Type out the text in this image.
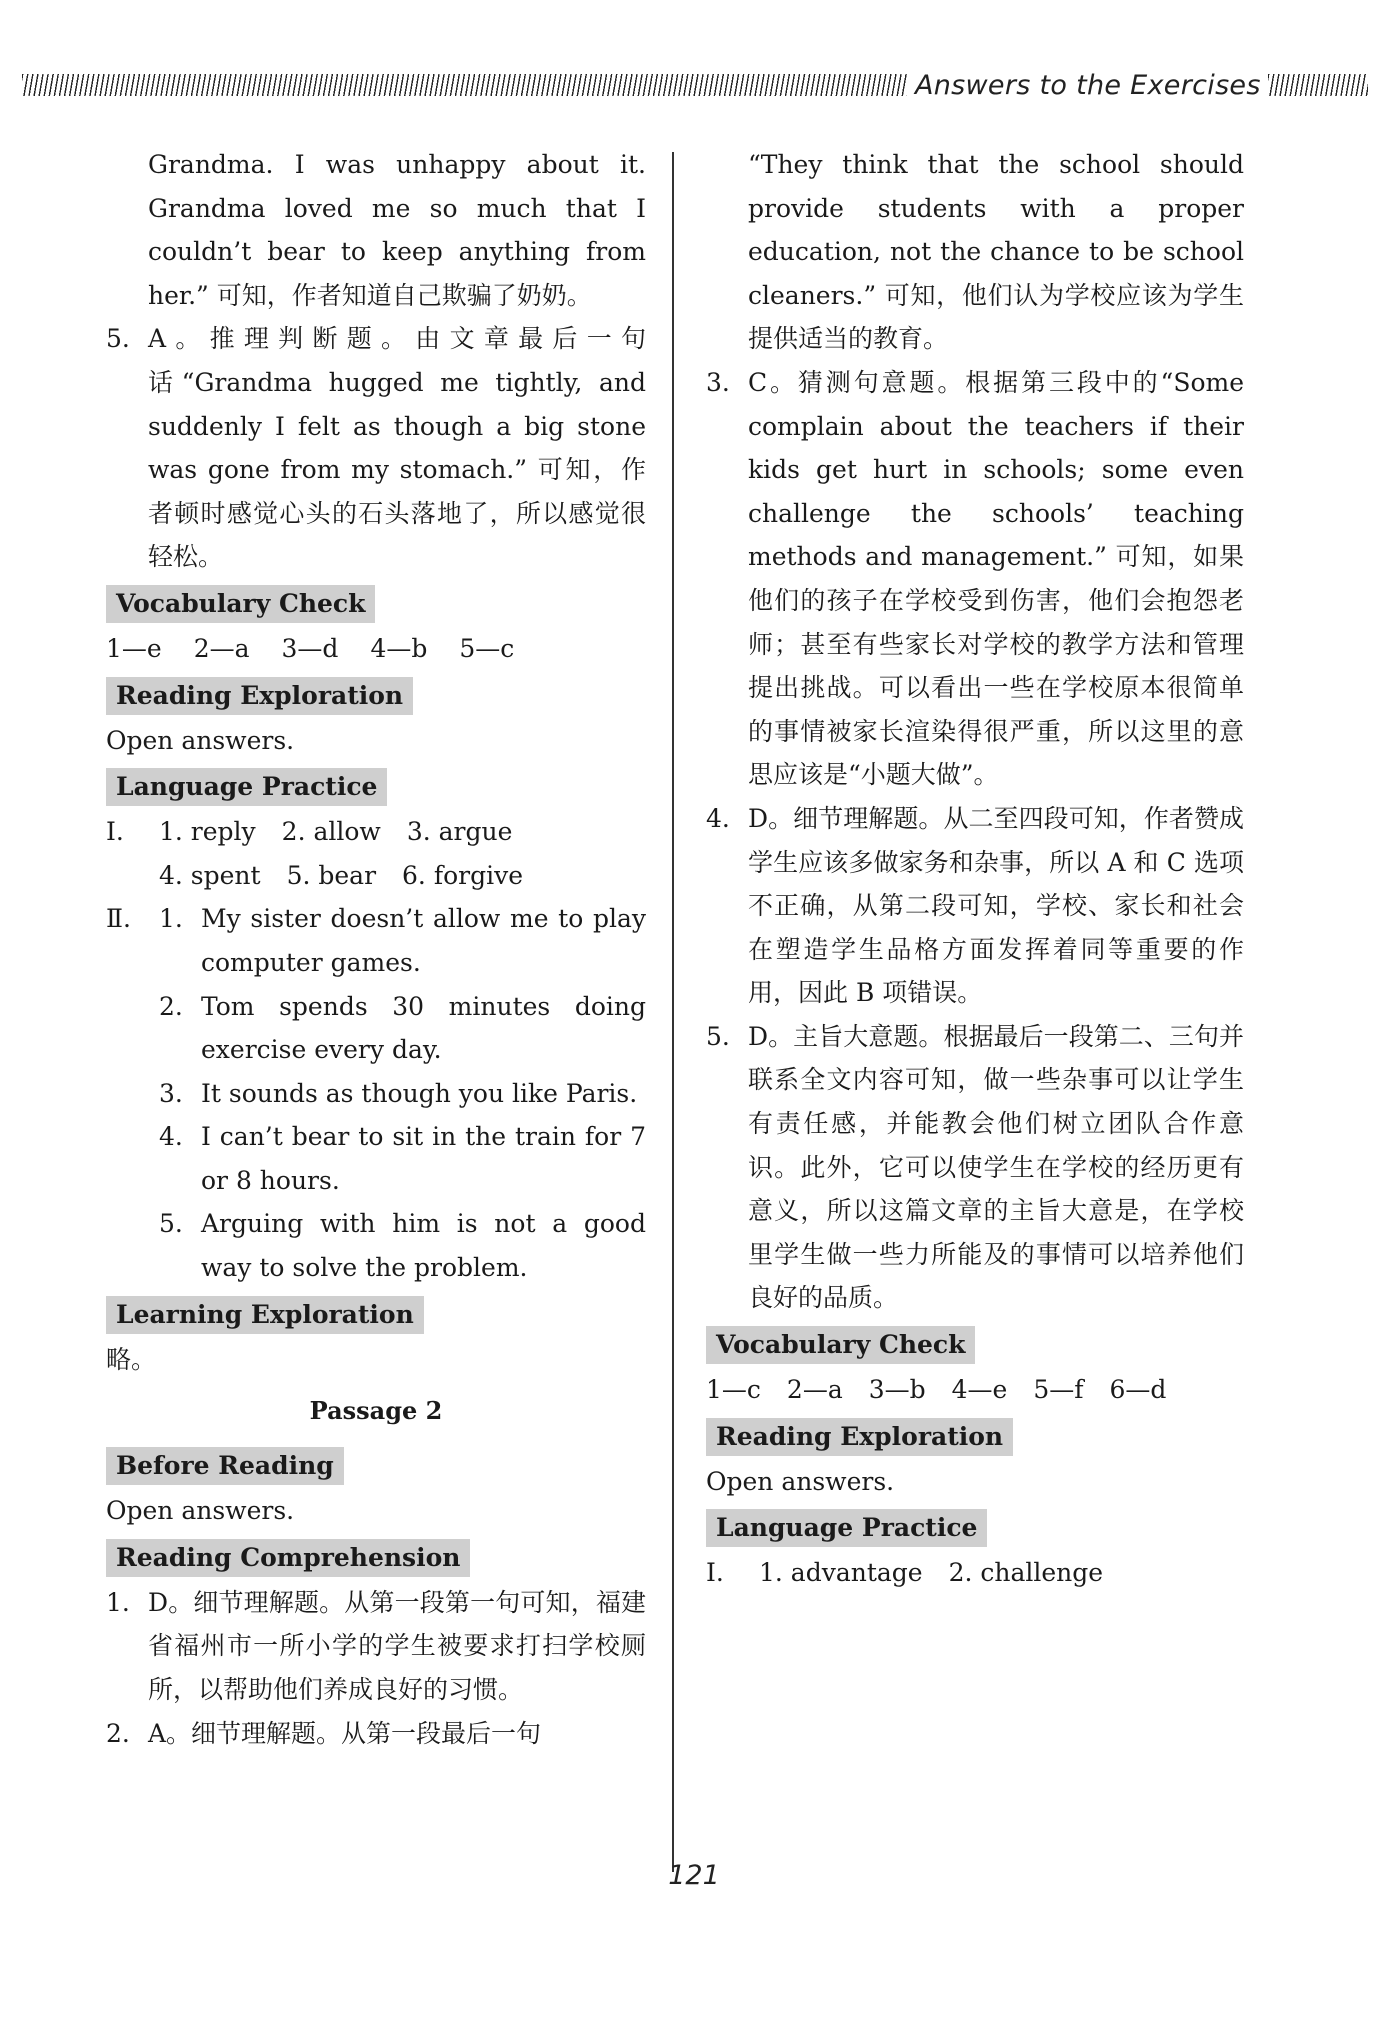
Answers to the Exercises
Grandma. I was unhappy about it. Grandma loved me so much that I couldn’t bear to keep anything from her.” 可知，作者知道自己欺骗了奶奶。
5. A。推理判断题。由文章最后一句话“Grandma hugged me tightly, and suddenly I felt as though a big stone was gone from my stomach.” 可知，作者顿时感觉心头的石头落地了，所以感觉很轻松。
Vocabulary Check
1—e 2—a 3—d 4—b 5—c
Reading Exploration
Open answers.
Language Practice
Ⅰ. 1. reply 2. allow 3. argue
4. spent 5. bear 6. forgive
Ⅱ. 1. My sister doesn’t allow me to play computer games.
2. Tom spends 30 minutes doing exercise every day.
3. It sounds as though you like Paris.
4. I can’t bear to sit in the train for 7 or 8 hours.
5. Arguing with him is not a good way to solve the problem.
Learning Exploration
略。
Passage 2
Before Reading
Open answers.
Reading Comprehension
1. D。细节理解题。从第一段第一句可知，福建省福州市一所小学的学生被要求打扫学校厕所，以帮助他们养成良好的习惯。
2. A。细节理解题。从第一段最后一句
“They think that the school should provide students with a proper education, not the chance to be school cleaners.” 可知，他们认为学校应该为学生提供适当的教育。
3. C。猜测句意题。根据第三段中的“Some complain about the teachers if their kids get hurt in schools; some even challenge the schools’ teaching methods and management.” 可知，如果他们的孩子在学校受到伤害，他们会抱怨老师；甚至有些家长对学校的教学方法和管理提出挑战。可以看出一些在学校原本很简单的事情被家长渲染得很严重，所以这里的意思应该是“小题大做”。
4. D。细节理解题。从二至四段可知，作者赞成学生应该多做家务和杂事，所以 A 和 C 选项不正确，从第二段可知，学校、家长和社会在塑造学生品格方面发挥着同等重要的作用，因此 B 项错误。
5. D。主旨大意题。根据最后一段第二、三句并联系全文内容可知，做一些杂事可以让学生有责任感，并能教会他们树立团队合作意识。此外，它可以使学生在学校的经历更有意义，所以这篇文章的主旨大意是，在学校里学生做一些力所能及的事情可以培养他们良好的品质。
Vocabulary Check
1—c 2—a 3—b 4—e 5—f 6—d
Reading Exploration
Open answers.
Language Practice
Ⅰ. 1. advantage 2. challenge
121
